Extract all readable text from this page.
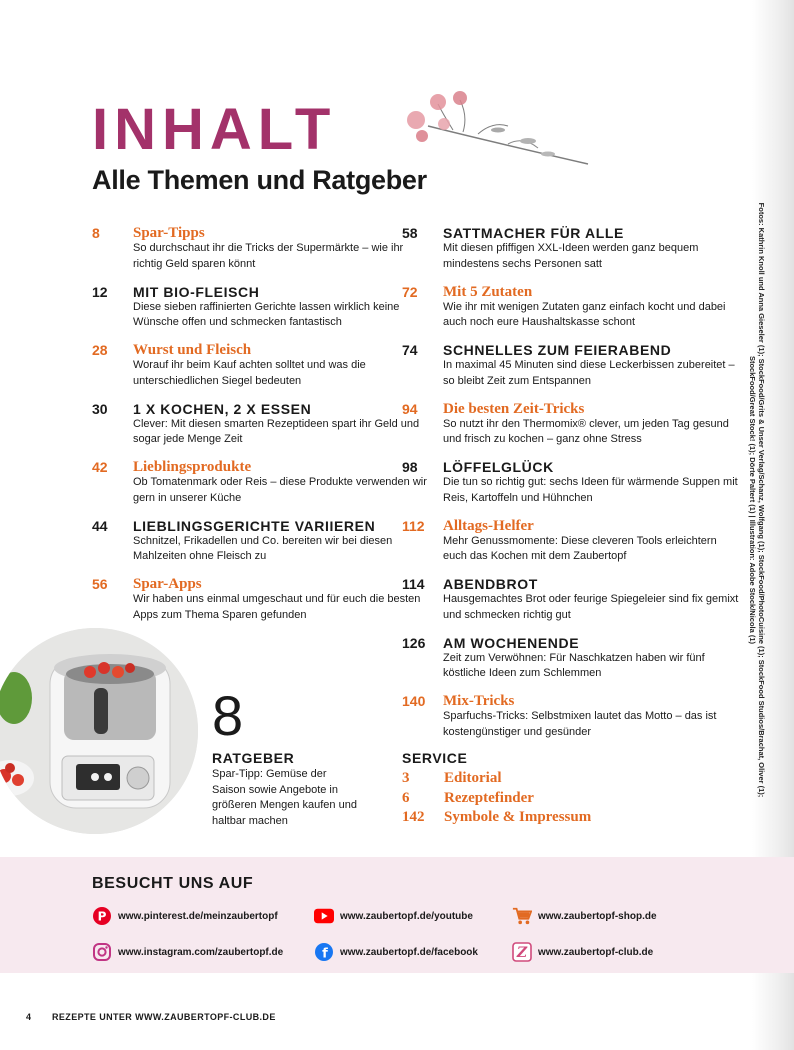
INHALT
Alle Themen und Ratgeber
8	Spar-Tipps
So durchschaut ihr die Tricks der Supermärkte – wie ihr richtig Geld sparen könnt
12	MIT BIO-FLEISCH
Diese sieben raffinierten Gerichte lassen wirklich keine Wünsche offen und schmecken fantastisch
28	Wurst und Fleisch
Worauf ihr beim Kauf achten solltet und was die unterschiedlichen Siegel bedeuten
30	1 X KOCHEN, 2 X ESSEN
Clever: Mit diesen smarten Rezeptideen spart ihr Geld und sogar jede Menge Zeit
42	Lieblingsprodukte
Ob Tomatenmark oder Reis – diese Produkte verwenden wir gern in unserer Küche
44	LIEBLINGSGERICHTE VARIIEREN
Schnitzel, Frikadellen und Co. bereiten wir bei diesen Mahlzeiten ohne Fleisch zu
56	Spar-Apps
Wir haben uns einmal umgeschaut und für euch die besten Apps zum Thema Sparen gefunden
58	SATTMACHER FÜR ALLE
Mit diesen pfiffigen XXL-Ideen werden ganz bequem mindestens sechs Personen satt
72	Mit 5 Zutaten
Wie ihr mit wenigen Zutaten ganz einfach kocht und dabei auch noch eure Haushaltskasse schont
74	SCHNELLES ZUM FEIERABEND
In maximal 45 Minuten sind diese Leckerbissen zubereitet – so bleibt Zeit zum Entspannen
94	Die besten Zeit-Tricks
So nutzt ihr den Thermomix® clever, um jeden Tag gesund und frisch zu kochen – ganz ohne Stress
98	LÖFFELGLÜCK
Die tun so richtig gut: sechs Ideen für wärmende Suppen mit Reis, Kartoffeln und Hühnchen
112	Alltags-Helfer
Mehr Genussmomente: Diese cleveren Tools erleichtern euch das Kochen mit dem Zaubertopf
114	ABENDBROT
Hausgemachtes Brot oder feurige Spiegeleier sind fix gemixt und schmecken richtig gut
126	AM WOCHENENDE
Zeit zum Verwöhnen: Für Naschkatzen haben wir fünf köstliche Ideen zum Schlemmen
140	Mix-Tricks
Sparfuchs-Tricks: Selbstmixen lautet das Motto – das ist kostengünstiger und gesünder
8
RATGEBER
Spar-Tipp: Gemüse der Saison sowie Angebote in größeren Mengen kaufen und haltbar machen
SERVICE
3	Editorial
6	Rezeptefinder
142	Symbole & Impressum
Fotos: Kathrin Knoll und Anna Gieseler (1); StockFood/Grits & Unser Verlag/Schanz, Wolfgang (1); StockFood/PhotoCuisine (1); StockFood Studios/Brachat, Oliver (1);
StockFood/Great Stock! (1); Dörte Paltert (1) | Illustration: Adobe Stock/Nicola (1)
BESUCHT UNS AUF
P www.pinterest.de/meinzaubertopf	www.zaubertopf.de/youtube	www.zaubertopf-shop.de
www.instagram.com/zaubertopf.de	f www.zaubertopf.de/facebook	Z www.zaubertopf-club.de
4 REZEPTE UNTER WWW.ZAUBERTOPF-CLUB.DE
